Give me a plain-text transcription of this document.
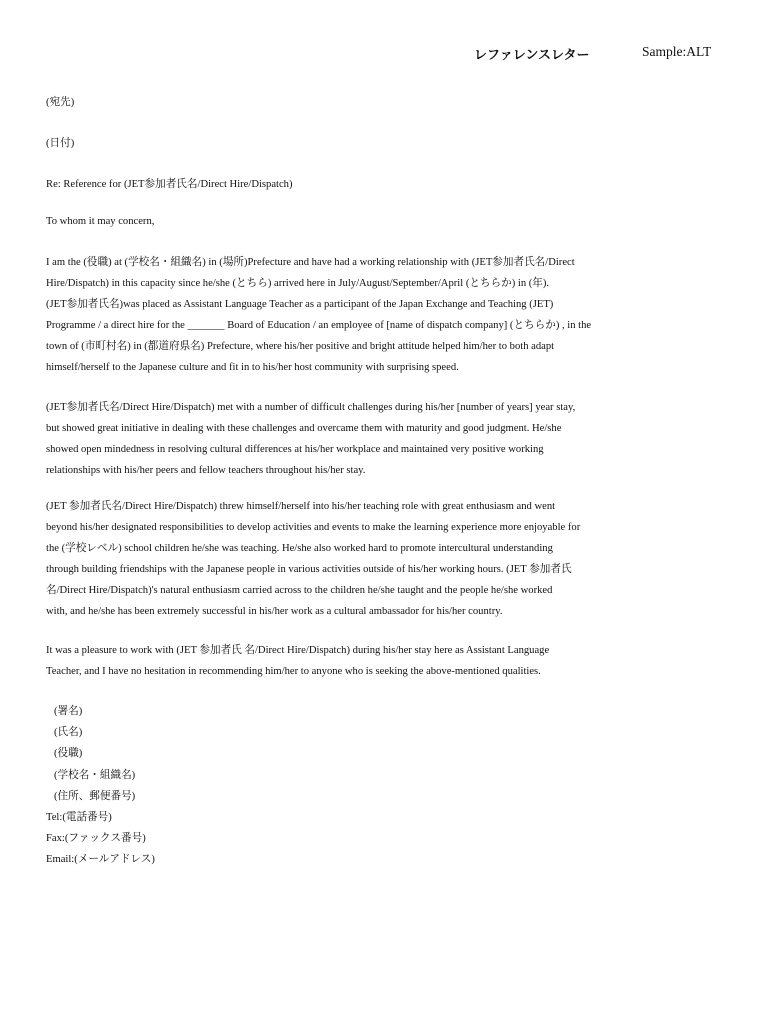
レファレンスレター	Sample:ALT
(宛先)
(日付)
Re: Reference for (JET参加者氏名/Direct Hire/Dispatch)
To whom it may concern,

I am the (役職) at (学校名・組織名) in (場所)Prefecture and have had a working relationship with (JET参加者氏名/Direct

Hire/Dispatch) in this capacity since he/she (とちら) arrived here in July/August/September/April (とちらか) in (年).

(JET参加者氏名)was placed as Assistant Language Teacher as a participant of the Japan Exchange and Teaching (JET)

Programme / a direct hire for the _______ Board of Education / an employee of [name of dispatch company] (とちらか) , in the

town of (市町村名) in (都道府県名) Prefecture, where his/her positive and bright attitude helped him/her to both adapt

himself/herself to the Japanese culture and fit in to his/her host community with surprising speed.

(JET参加者氏名/Direct Hire/Dispatch) met with a number of difficult challenges during his/her [number of years] year stay,

but showed great initiative in dealing with these challenges and overcame them with maturity and good judgment. He/she

showed open mindedness in resolving cultural differences at his/her workplace and maintained very positive working

relationships with his/her peers and fellow teachers throughout his/her stay.

(JET 参加者氏名/Direct Hire/Dispatch) threw himself/herself into his/her teaching role with great enthusiasm and went

beyond his/her designated responsibilities to develop activities and events to make the learning experience more enjoyable for

the (学校レベル) school children he/she was teaching. He/she also worked hard to promote intercultural understanding

through building friendships with the Japanese people in various activities outside of his/her working hours. (JET 参加者氏

名/Direct Hire/Dispatch)'s natural enthusiasm carried across to the children he/she taught and the people he/she worked

with, and he/she has been extremely successful in his/her work as a cultural ambassador for his/her country.

It was a pleasure to work with (JET 参加者氏 名/Direct Hire/Dispatch) during his/her stay here as Assistant Language

Teacher, and I have no hesitation in recommending him/her to anyone who is seeking the above-mentioned qualities.

(署名)
(氏名)
(役職)
(学校名・組織名)
(住所、郵便番号)
Tel:(電話番号)
Fax:(ファックス番号)
Email:(メールアドレス)
